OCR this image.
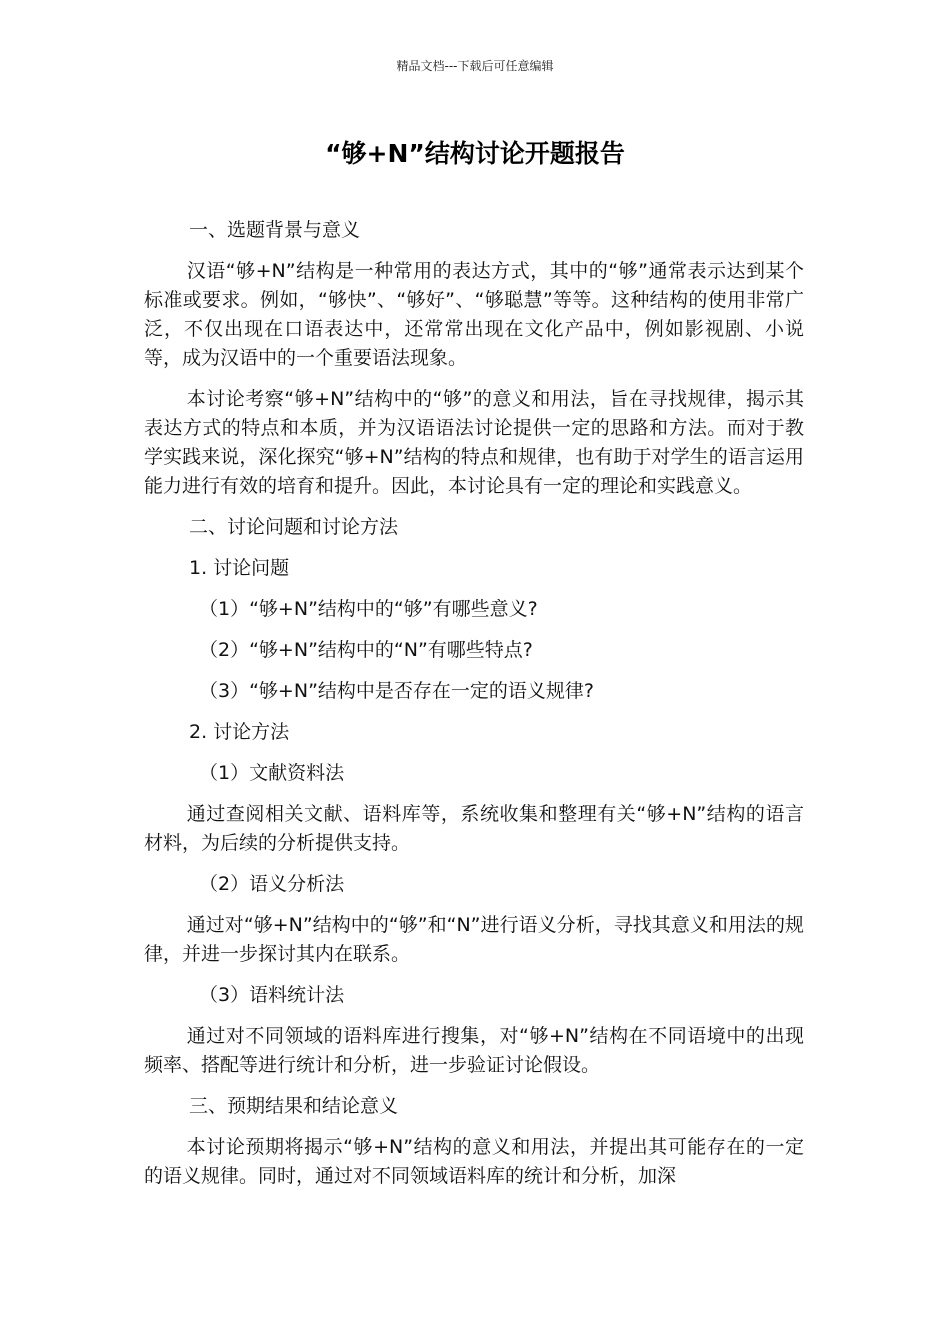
精品文档---下载后可任意编辑
“够+N”结构讨论开题报告

一、选题背景与意义

汉语“够+N”结构是一种常用的表达方式，其中的“够”通常表示达到某个标准或要求。例如，“够快”、“够好”、“够聪慧”等等。这种结构的使用非常广泛，不仅出现在口语表达中，还常常出现在文化产品中，例如影视剧、小说等，成为汉语中的一个重要语法现象。

本讨论考察“够+N”结构中的“够”的意义和用法，旨在寻找规律，揭示其表达方式的特点和本质，并为汉语语法讨论提供一定的思路和方法。而对于教学实践来说，深化探究“够+N”结构的特点和规律，也有助于对学生的语言运用能力进行有效的培育和提升。因此，本讨论具有一定的理论和实践意义。

二、讨论问题和讨论方法

1. 讨论问题

（1）“够+N”结构中的“够”有哪些意义?

（2）“够+N”结构中的“N”有哪些特点?

（3）“够+N”结构中是否存在一定的语义规律?

2. 讨论方法

（1）文献资料法

通过查阅相关文献、语料库等，系统收集和整理有关“够+N”结构的语言材料，为后续的分析提供支持。

（2）语义分析法

通过对“够+N”结构中的“够”和“N”进行语义分析，寻找其意义和用法的规律，并进一步探讨其内在联系。

（3）语料统计法

通过对不同领域的语料库进行搜集，对“够+N”结构在不同语境中的出现频率、搭配等进行统计和分析，进一步验证讨论假设。

三、预期结果和结论意义

本讨论预期将揭示“够+N”结构的意义和用法，并提出其可能存在的一定的语义规律。同时，通过对不同领域语料库的统计和分析，加深
